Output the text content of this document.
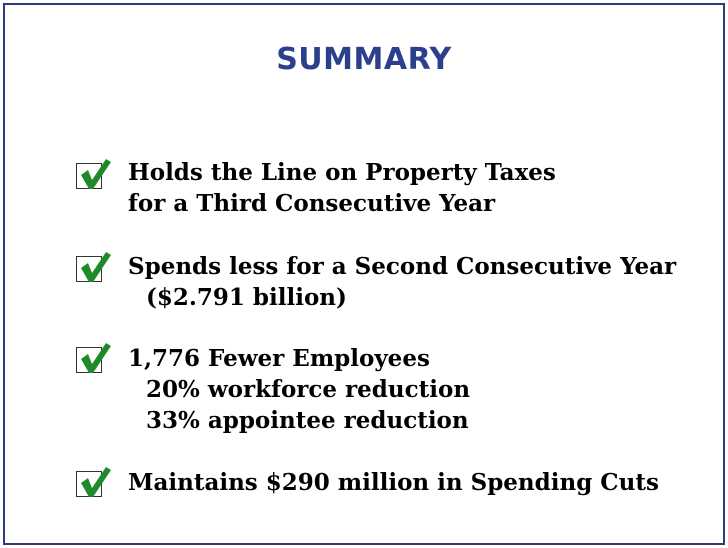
SUMMARY
Holds the Line on Property Taxes
for a Third Consecutive Year
Spends less for a Second Consecutive Year
($2.791 billion)
1,776 Fewer Employees
20% workforce reduction
33% appointee reduction
Maintains $290 million in Spending Cuts
